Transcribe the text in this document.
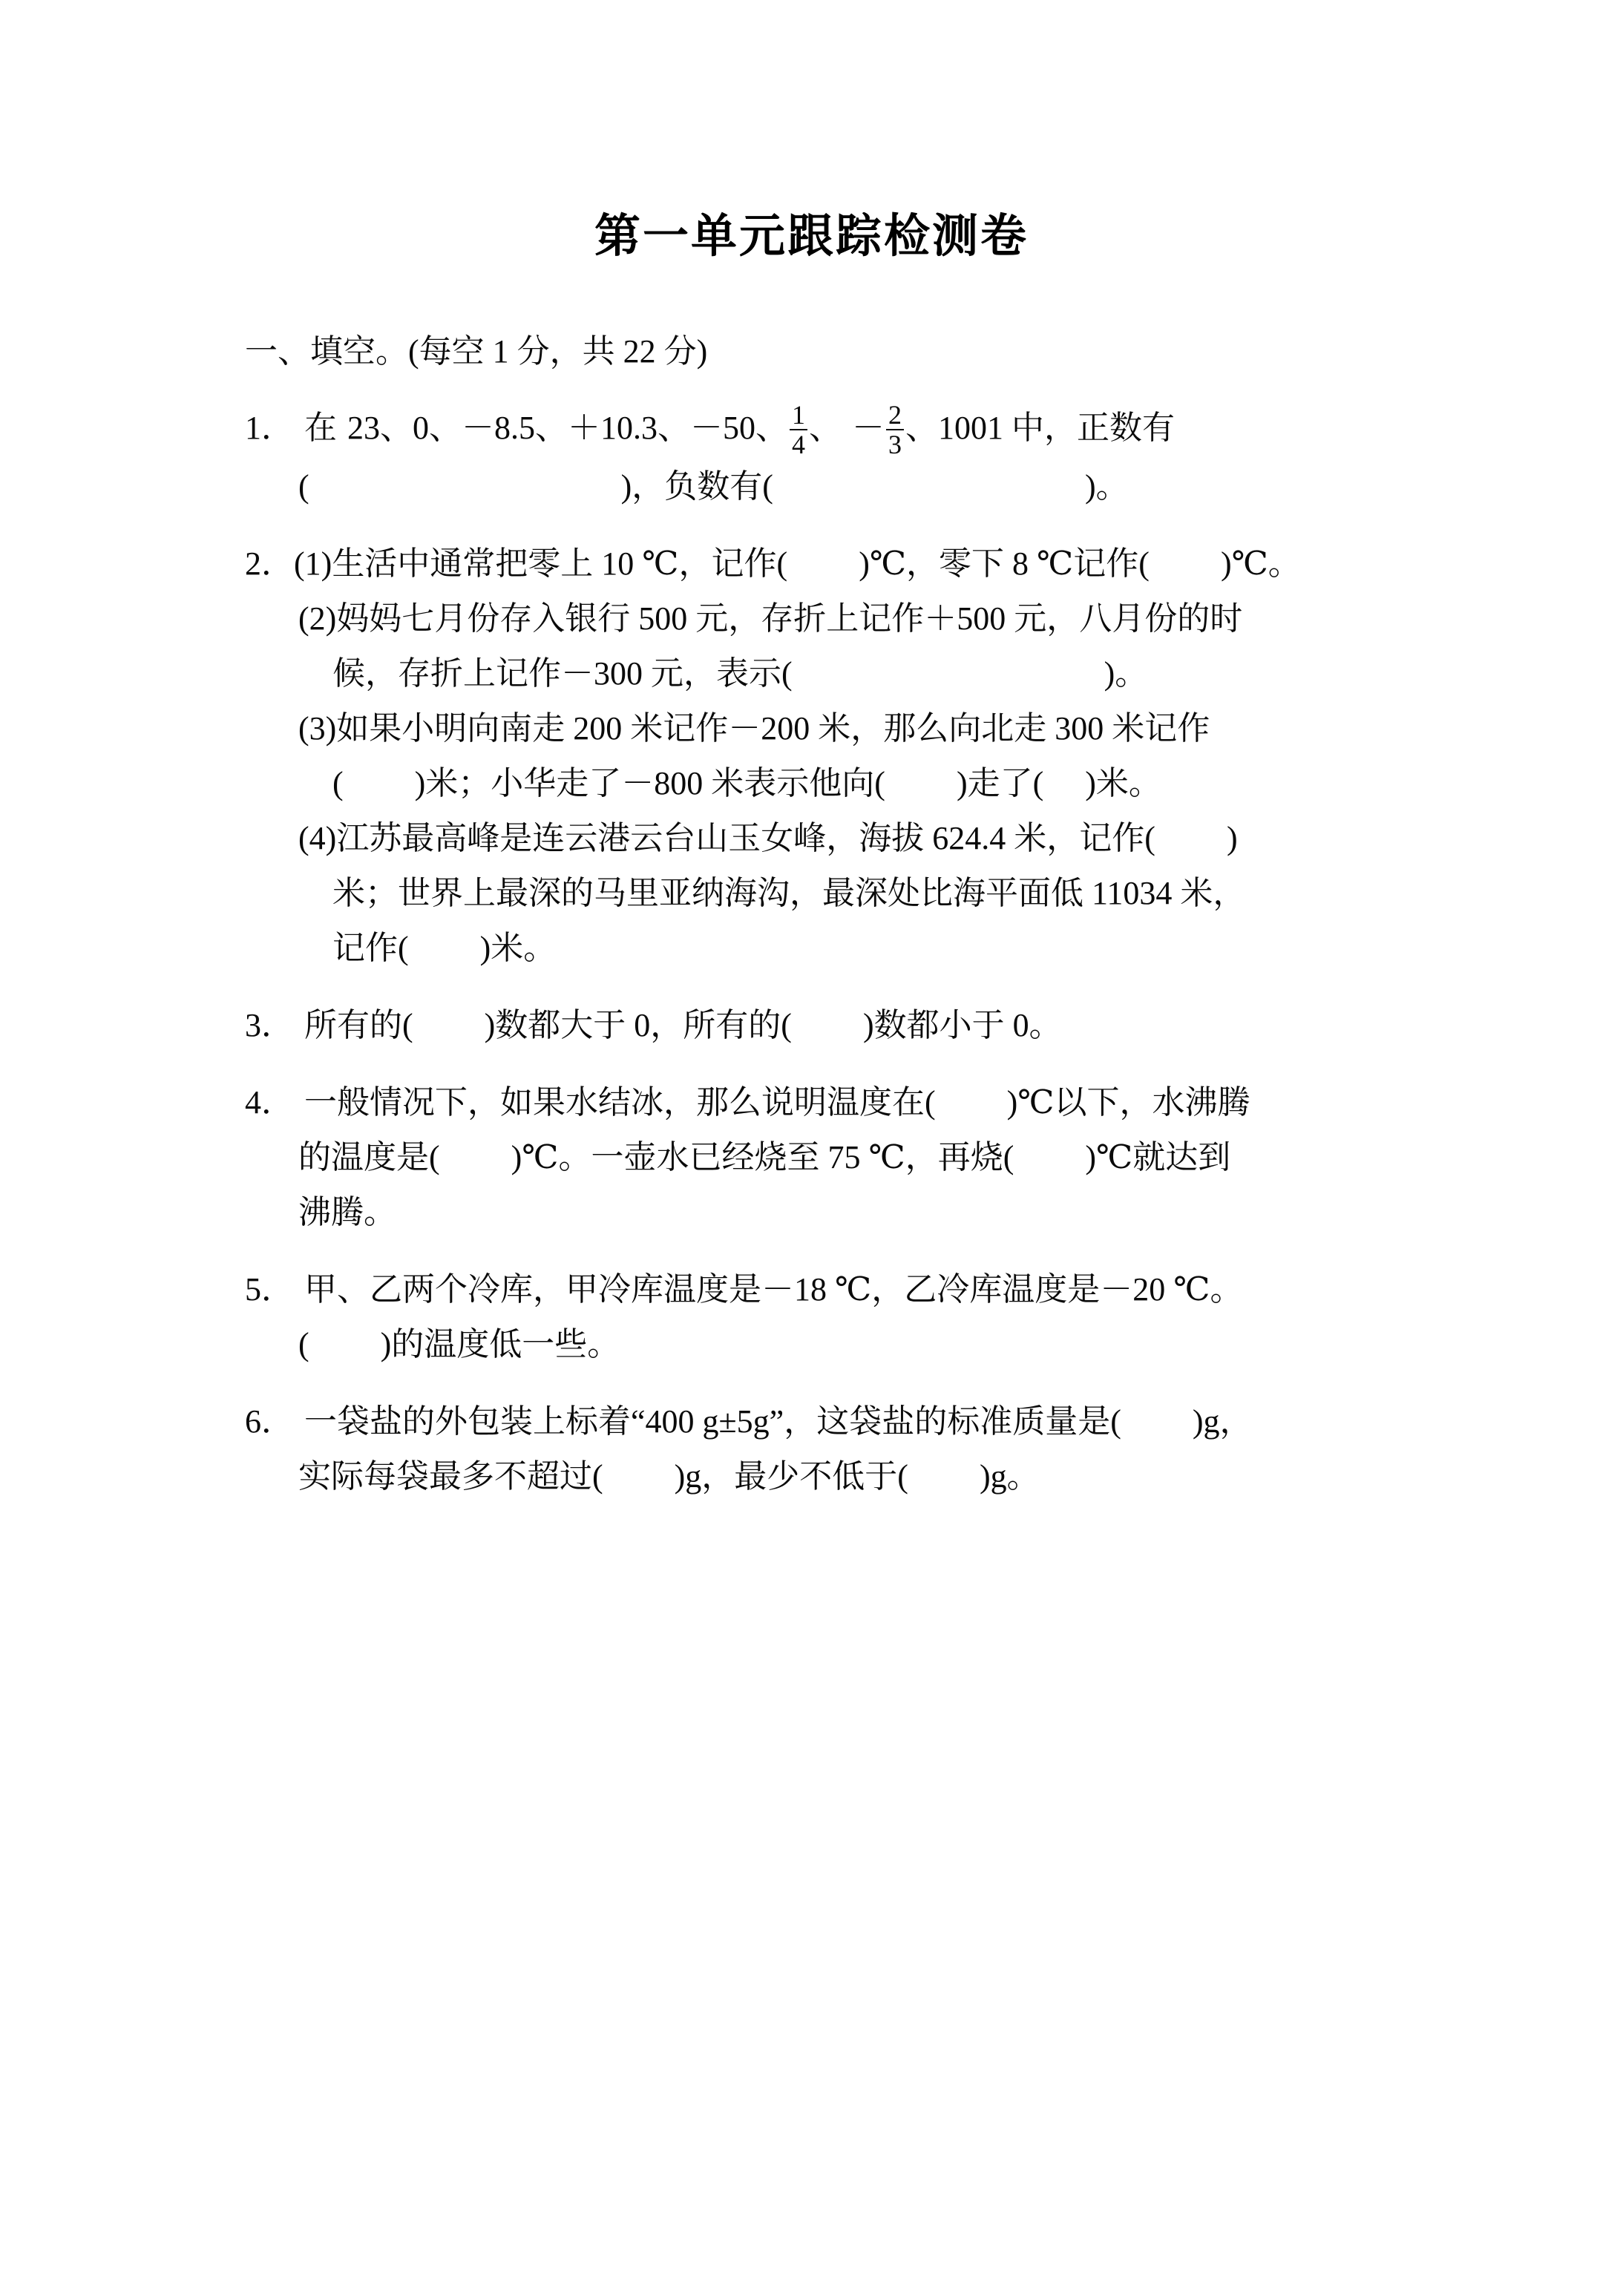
第一单元跟踪检测卷
一、填空。(每空 1 分，共 22 分)
1． 在 23、0、－8.5、＋10.3、－50、 $\frac{1}{4}$ 、 － $\frac{2}{3}$ 、1001 中，正数有
(	)，负数有(	)。
2．(1)生活中通常把零上 10 ℃，记作( )℃，零下 8 ℃记作( )℃。
(2)妈妈七月份存入银行 500 元，存折上记作＋500 元，八月份的时
候，存折上记作－300 元，表示(	)。
(3)如果小明向南走 200 米记作－200 米，那么向北走 300 米记作
( )米；小华走了－800 米表示他向( )走了( )米。
(4)江苏最高峰是连云港云台山玉女峰，海拔 624.4 米，记作( )
米；世界上最深的马里亚纳海沟，最深处比海平面低 11034 米，
记作( )米。
3． 所有的( )数都大于 0，所有的( )数都小于 0。
4． 一般情况下，如果水结冰，那么说明温度在( )℃以下，水沸腾
的温度是( )℃。一壶水已经烧至 75 ℃，再烧( )℃就达到
沸腾。
5． 甲、乙两个冷库，甲冷库温度是－18 ℃，乙冷库温度是－20 ℃。
( )的温度低一些。
6． 一袋盐的外包装上标着“400 g±5g”，这袋盐的标准质量是( )g，
实际每袋最多不超过( )g，最少不低于( )g。
